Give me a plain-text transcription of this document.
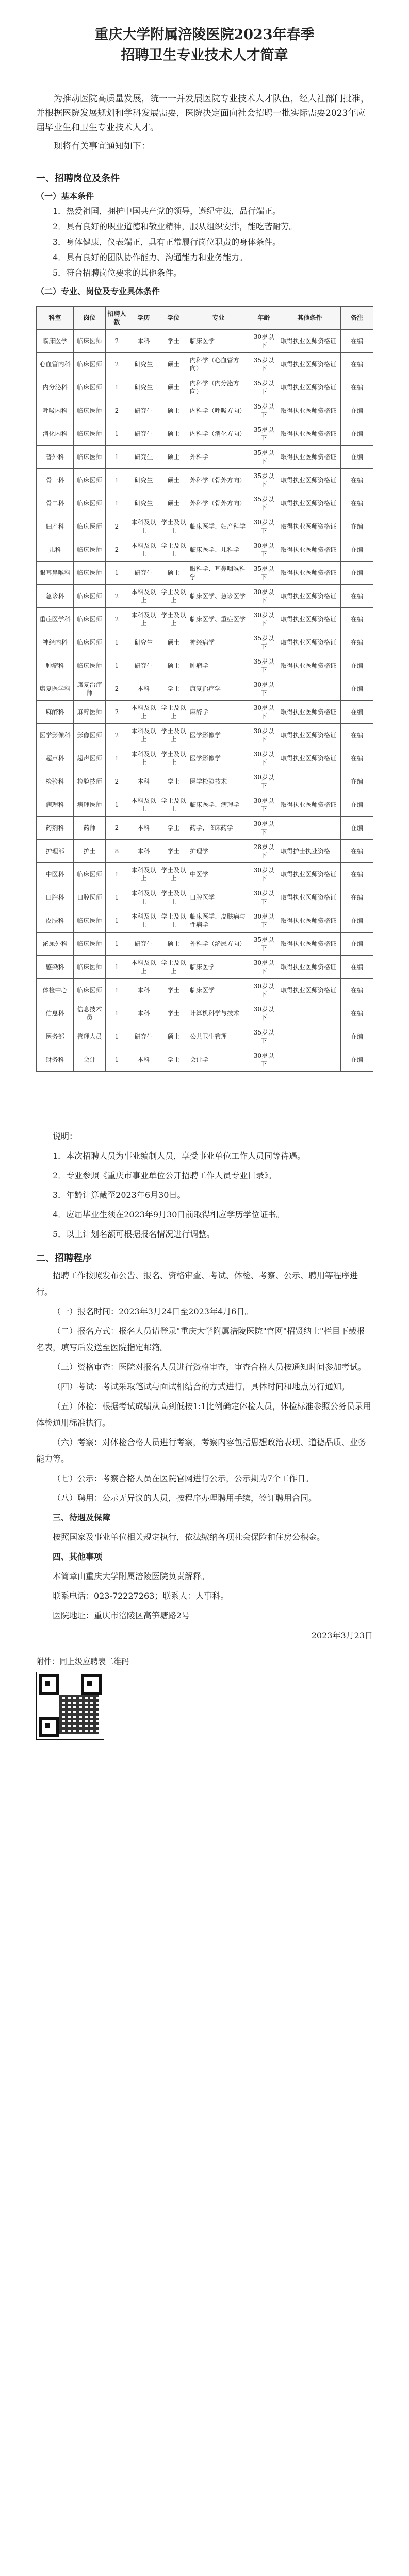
重庆大学附属涪陵医院2023年春季
招聘卫生专业技术人才简章

为推动医院高质量发展，统一一并发展医院专业技术人才队伍，经人社部门批准，并根据医院发展规划和学科发展需要，医院决定面向社会招聘一批实际需要2023年应届毕业生和卫生专业技术人才。

现将有关事宜通知如下：

一、招聘岗位及条件
（一）基本条件
1．热爱祖国，拥护中国共产党的领导，遵纪守法，品行端正。
2．具有良好的职业道德和敬业精神，服从组织安排，能吃苦耐劳。
3．身体健康，仪表端正，具有正常履行岗位职责的身体条件。
4．具有良好的团队协作能力、沟通能力和业务能力。
5．符合招聘岗位要求的其他条件。
（二）专业、岗位及专业具体条件
科室	岗位	招聘人数	学历	学位	专业	年龄	其他条件	备注
临床医学	临床医师	2	本科	学士	临床医学	30岁以下	取得执业医师资格证	在编
心血管内科	临床医师	2	研究生	硕士	内科学（心血管方向）	35岁以下	取得执业医师资格证	在编
内分泌科	临床医师	1	研究生	硕士	内科学（内分泌方向）	35岁以下	取得执业医师资格证	在编
呼吸内科	临床医师	2	研究生	硕士	内科学（呼吸方向）	35岁以下	取得执业医师资格证	在编
消化内科	临床医师	1	研究生	硕士	内科学（消化方向）	35岁以下	取得执业医师资格证	在编
普外科	临床医师	1	研究生	硕士	外科学	35岁以下	取得执业医师资格证	在编
骨一科	临床医师	1	研究生	硕士	外科学（骨外方向）	35岁以下	取得执业医师资格证	在编
骨二科	临床医师	1	研究生	硕士	外科学（骨外方向）	35岁以下	取得执业医师资格证	在编
妇产科	临床医师	2	本科及以上	学士及以上	临床医学、妇产科学	30岁以下	取得执业医师资格证	在编
儿科	临床医师	2	本科及以上	学士及以上	临床医学、儿科学	30岁以下	取得执业医师资格证	在编
眼耳鼻喉科	临床医师	1	研究生	硕士	眼科学、耳鼻咽喉科学	35岁以下	取得执业医师资格证	在编
急诊科	临床医师	2	本科及以上	学士及以上	临床医学、急诊医学	30岁以下	取得执业医师资格证	在编
重症医学科	临床医师	2	本科及以上	学士及以上	临床医学、重症医学	30岁以下	取得执业医师资格证	在编
神经内科	临床医师	1	研究生	硕士	神经病学	35岁以下	取得执业医师资格证	在编
肿瘤科	临床医师	1	研究生	硕士	肿瘤学	35岁以下	取得执业医师资格证	在编
康复医学科	康复治疗师	2	本科	学士	康复治疗学	30岁以下		在编
麻醉科	麻醉医师	2	本科及以上	学士及以上	麻醉学	30岁以下	取得执业医师资格证	在编
医学影像科	影像医师	2	本科及以上	学士及以上	医学影像学	30岁以下	取得执业医师资格证	在编
超声科	超声医师	1	本科及以上	学士及以上	医学影像学	30岁以下	取得执业医师资格证	在编
检验科	检验技师	2	本科	学士	医学检验技术	30岁以下		在编
病理科	病理医师	1	本科及以上	学士及以上	临床医学、病理学	30岁以下	取得执业医师资格证	在编
药剂科	药师	2	本科	学士	药学、临床药学	30岁以下		在编
护理部	护士	8	本科	学士	护理学	28岁以下	取得护士执业资格	在编
中医科	临床医师	1	本科及以上	学士及以上	中医学	30岁以下	取得执业医师资格证	在编
口腔科	口腔医师	1	本科及以上	学士及以上	口腔医学	30岁以下	取得执业医师资格证	在编
皮肤科	临床医师	1	本科及以上	学士及以上	临床医学、皮肤病与性病学	30岁以下	取得执业医师资格证	在编
泌尿外科	临床医师	1	研究生	硕士	外科学（泌尿方向）	35岁以下	取得执业医师资格证	在编
感染科	临床医师	1	本科及以上	学士及以上	临床医学	30岁以下	取得执业医师资格证	在编
体检中心	临床医师	1	本科	学士	临床医学	30岁以下	取得执业医师资格证	在编
信息科	信息技术员	1	本科	学士	计算机科学与技术	30岁以下		在编
医务部	管理人员	1	研究生	硕士	公共卫生管理	35岁以下		在编
财务科	会计	1	本科	学士	会计学	30岁以下		在编
说明：
1．本次招聘人员为事业编制人员，享受事业单位工作人员同等待遇。
2．专业参照《重庆市事业单位公开招聘工作人员专业目录》。
3．年龄计算截至2023年6月30日。
4．应届毕业生须在2023年9月30日前取得相应学历学位证书。
5．以上计划名额可根据报名情况进行调整。
二、招聘程序
招聘工作按照发布公告、报名、资格审查、考试、体检、考察、公示、聘用等程序进行。
（一）报名时间：2023年3月24日至2023年4月6日。
（二）报名方式：报名人员请登录"重庆大学附属涪陵医院"官网"招贤纳士"栏目下载报名表，填写后发送至医院指定邮箱。
（三）资格审查：医院对报名人员进行资格审查，审查合格人员按通知时间参加考试。
（四）考试：考试采取笔试与面试相结合的方式进行，具体时间和地点另行通知。
（五）体检：根据考试成绩从高到低按1:1比例确定体检人员，体检标准参照公务员录用体检通用标准执行。
（六）考察：对体检合格人员进行考察，考察内容包括思想政治表现、道德品质、业务能力等。
（七）公示：考察合格人员在医院官网进行公示，公示期为7个工作日。
（八）聘用：公示无异议的人员，按程序办理聘用手续，签订聘用合同。
三、待遇及保障
按照国家及事业单位相关规定执行，依法缴纳各项社会保险和住房公积金。
四、其他事项
本简章由重庆大学附属涪陵医院负责解释。
联系电话：023-72227263；联系人：人事科。
医院地址：重庆市涪陵区高笋塘路2号
2023年3月23日
附件：同上级应聘表二维码
